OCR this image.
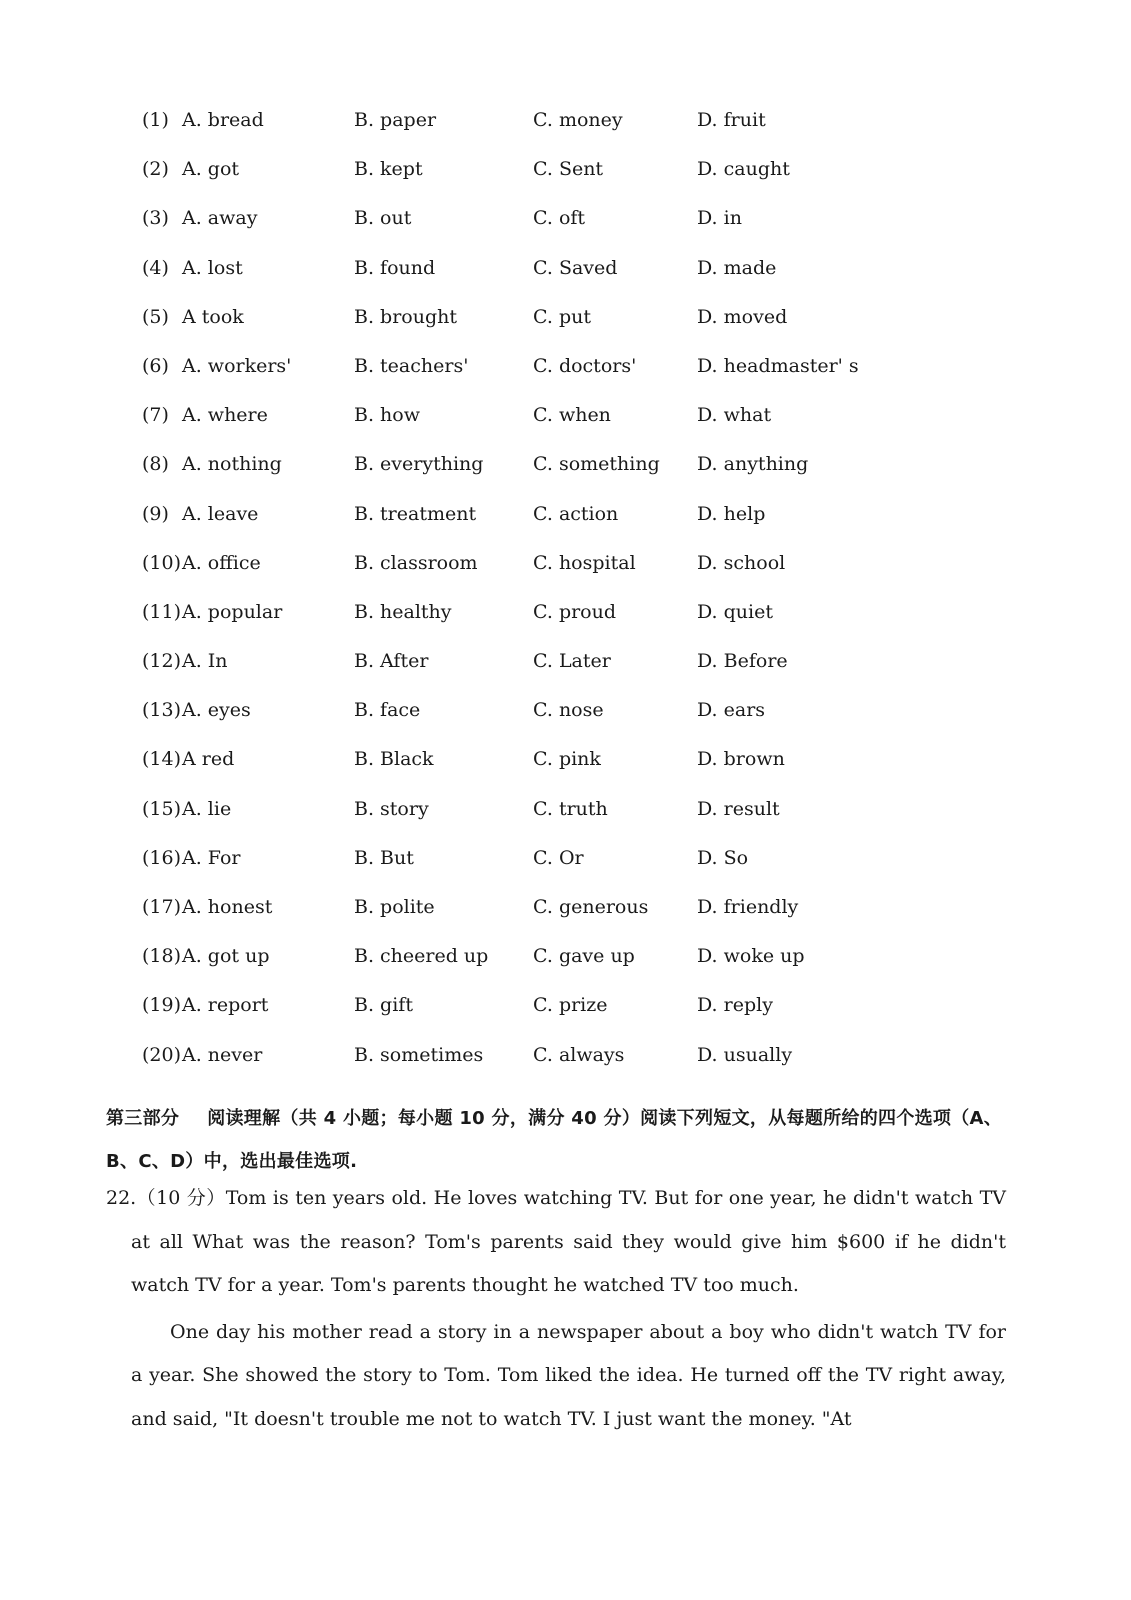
(1) A. bread	B. paper	C. money	D. fruit
(2) A. got	B. kept	C. Sent	D. caught
(3) A. away	B. out	C. oft	D. in
(4) A. lost	B. found	C. Saved	D. made
(5) A took	B. brought	C. put	D. moved
(6) A. workers'	B. teachers'	C. doctors'	D. headmaster' s
(7) A. where	B. how	C. when	D. what
(8) A. nothing	B. everything	C. something D. anything
(9) A. leave	B. treatment	C. action	D. help
(10) A. office	B. classroom	C. hospital	D. school
(11) A. popular	B. healthy	C. proud	D. quiet
(12) A. In	B. After	C. Later	D. Before
(13) A. eyes	B. face	C. nose	D. ears
(14) A red	B. Black	C. pink	D. brown
(15) A. lie	B. story	C. truth	D. result
(16) A. For	B. But	C. Or	D. So
(17) A. honest	B. polite	C. generous	D. friendly
(18) A. got up	B. cheered up C. gave up	D. woke up
(19) A. report	B. gift	C. prize	D. reply
(20) A. never	B. sometimes	C. always	D. usually
第三部分 阅读理解（共 4 小题；每小题 10 分，满分 40 分）阅读下列短文，从每题所给的四个选项（A、B、C、D）中，选出最佳选项.

22.（10 分）Tom is ten years old. He loves watching TV. But for one year, he didn't watch TV at all What was the reason? Tom's parents said they would give him $600 if he didn't watch TV for a year. Tom's parents thought he watched TV too much.

One day his mother read a story in a newspaper about a boy who didn't watch TV for a year. She showed the story to Tom. Tom liked the idea. He turned off the TV right away, and said, "It doesn't trouble me not to watch TV. I just want the money. "At
